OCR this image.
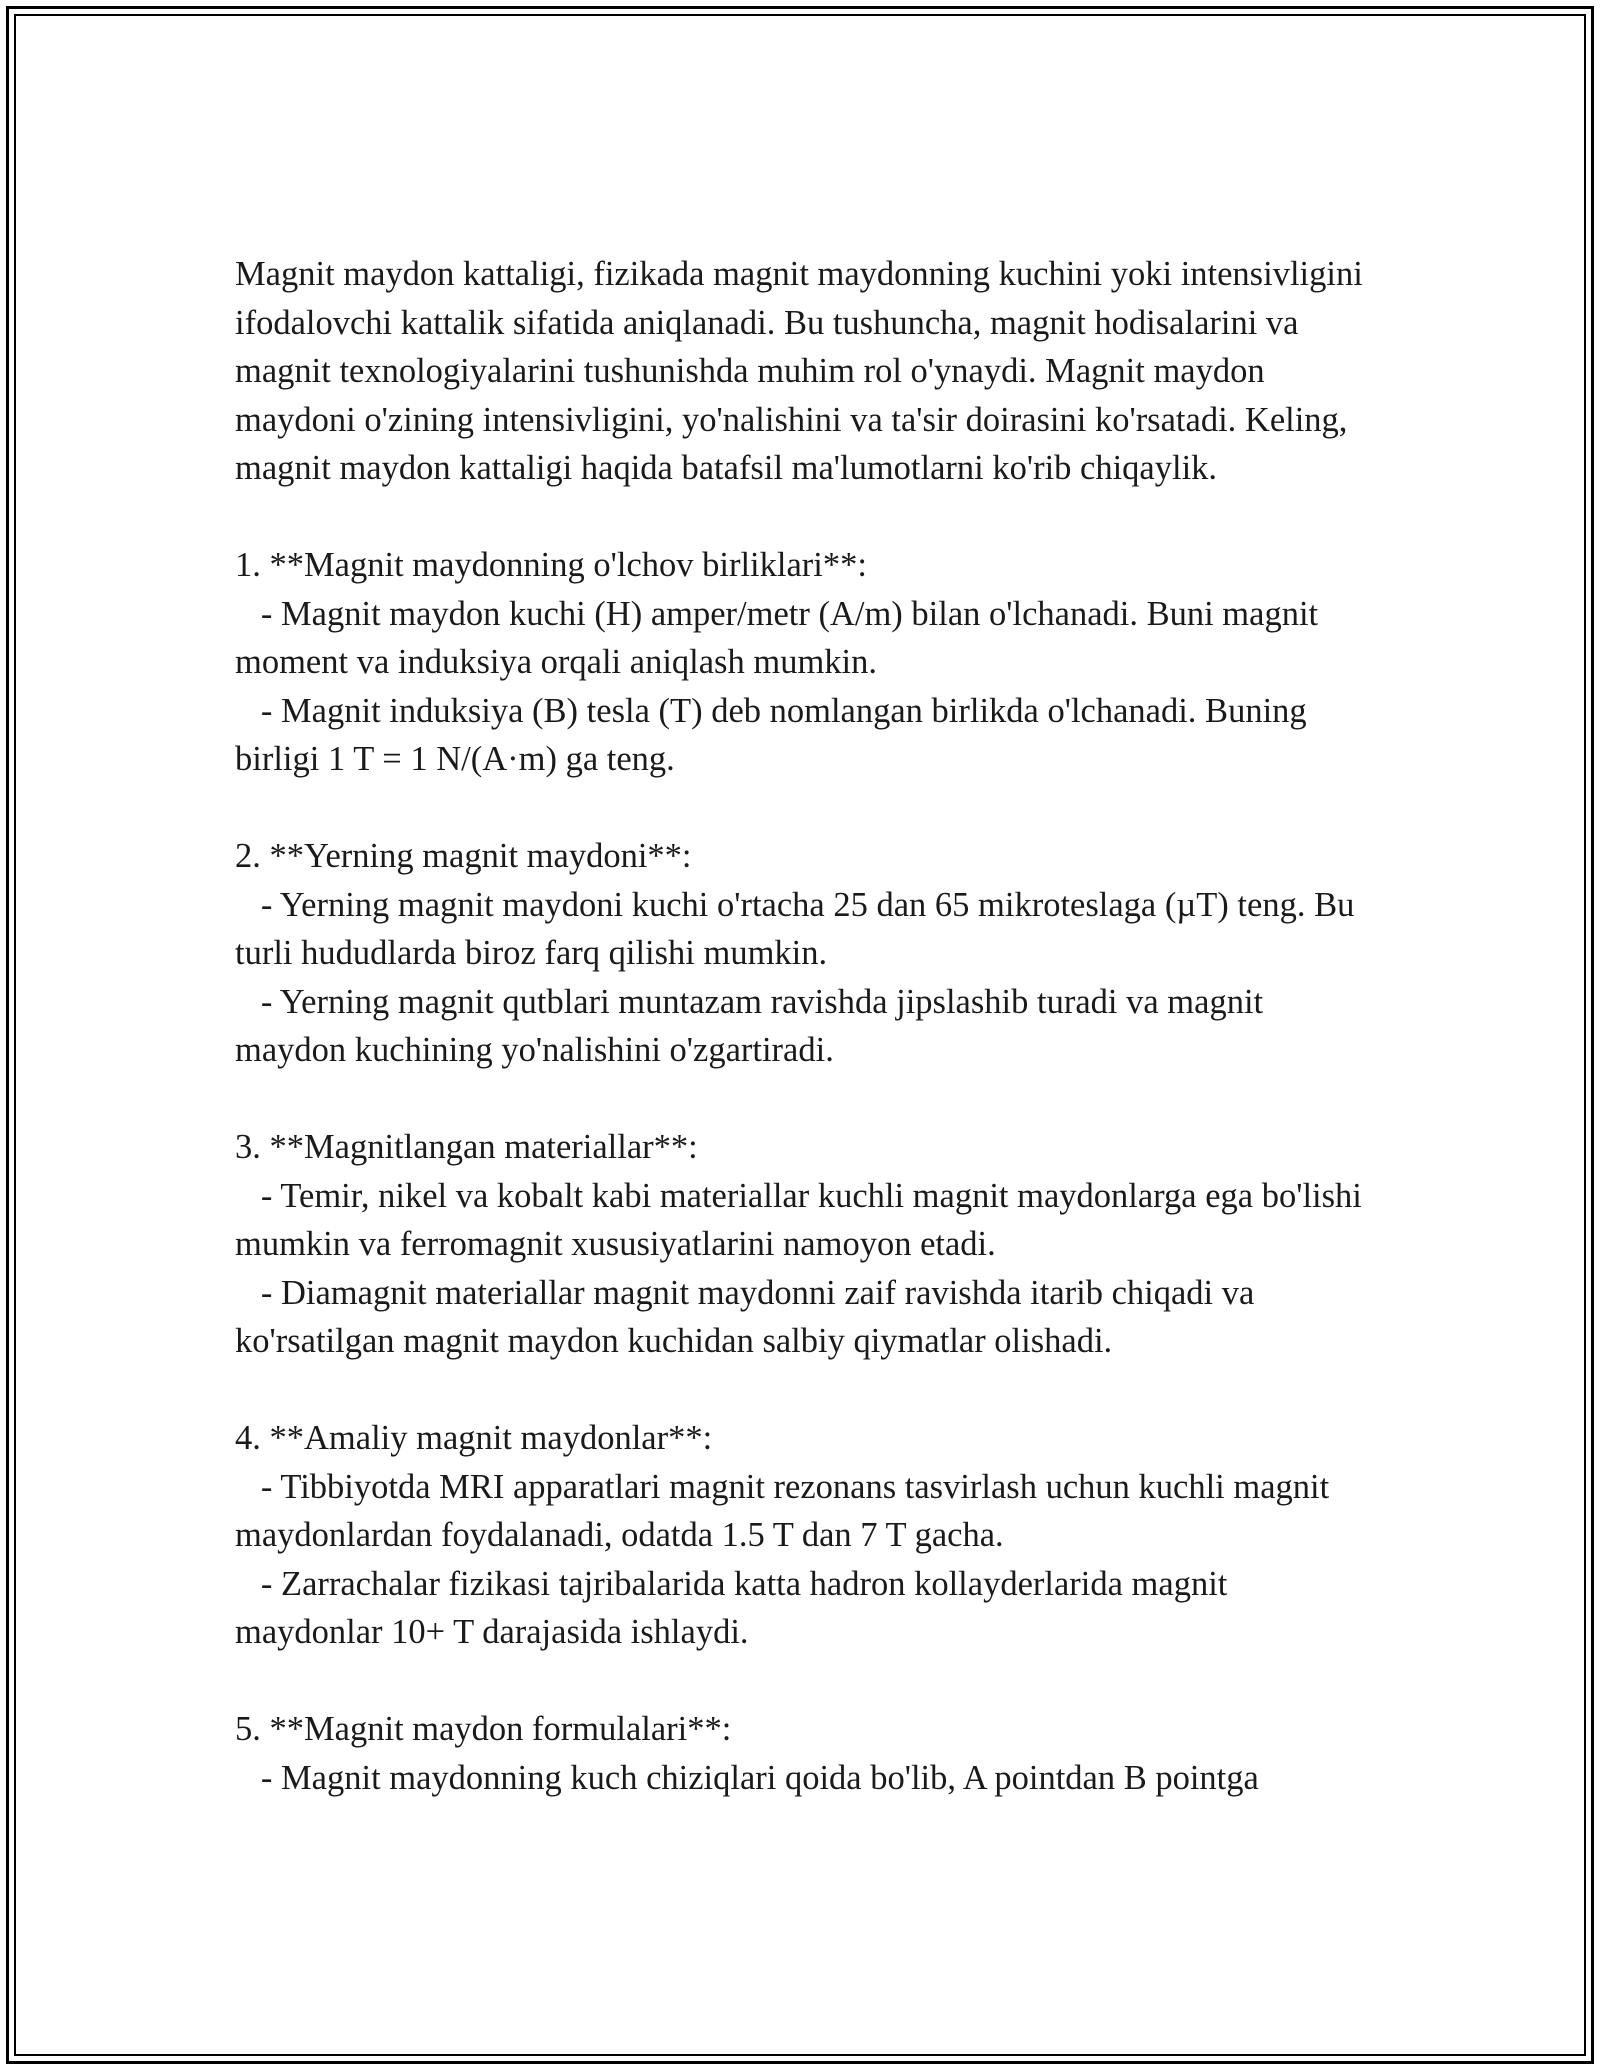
Magnit maydon kattaligi, fizikada magnit maydonning kuchini yoki intensivligini ifodalovchi kattalik sifatida aniqlanadi. Bu tushuncha, magnit hodisalarini va magnit texnologiyalarini tushunishda muhim rol o'ynaydi. Magnit maydon maydoni o'zining intensivligini, yo'nalishini va ta'sir doirasini ko'rsatadi. Keling, magnit maydon kattaligi haqida batafsil ma'lumotlarni ko'rib chiqaylik.

1. **Magnit maydonning o'lchov birliklari**:

- Magnit maydon kuchi (H) amper/metr (A/m) bilan o'lchanadi. Buni magnit moment va induksiya orqali aniqlash mumkin.

- Magnit induksiya (B) tesla (T) deb nomlangan birlikda o'lchanadi. Buning birligi 1 T = 1 N/(A·m) ga teng.

2. **Yerning magnit maydoni**:

- Yerning magnit maydoni kuchi o'rtacha 25 dan 65 mikroteslaga (µT) teng. Bu turli hududlarda biroz farq qilishi mumkin.

- Yerning magnit qutblari muntazam ravishda jipslashib turadi va magnit maydon kuchining yo'nalishini o'zgartiradi.

3. **Magnitlangan materiallar**:

- Temir, nikel va kobalt kabi materiallar kuchli magnit maydonlarga ega bo'lishi mumkin va ferromagnit xususiyatlarini namoyon etadi.

- Diamagnit materiallar magnit maydonni zaif ravishda itarib chiqadi va ko'rsatilgan magnit maydon kuchidan salbiy qiymatlar olishadi.

4. **Amaliy magnit maydonlar**:

- Tibbiyotda MRI apparatlari magnit rezonans tasvirlash uchun kuchli magnit maydonlardan foydalanadi, odatda 1.5 T dan 7 T gacha.

- Zarrachalar fizikasi tajribalarida katta hadron kollayderlarida magnit maydonlar 10+ T darajasida ishlaydi.

5. **Magnit maydon formulalari**:

- Magnit maydonning kuch chiziqlari qoida bo'lib, A pointdan B pointga
